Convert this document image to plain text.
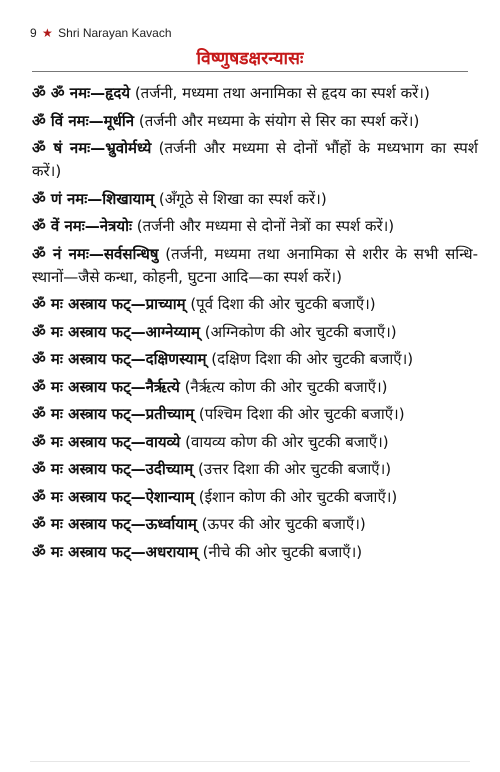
9 ★ Shri Narayan Kavach
विष्णुषडक्षरन्यासः
ॐ ॐ नमः—हृदये (तर्जनी, मध्यमा तथा अनामिका से हृदय का स्पर्श करें।)
ॐ विं नमः—मूर्धनि (तर्जनी और मध्यमा के संयोग से सिर का स्पर्श करें।)
ॐ षं नमः—भ्रुवोर्मध्ये (तर्जनी और मध्यमा से दोनों भौंहों के मध्यभाग का स्पर्श करें।)
ॐ णं नमः—शिखायाम् (अँगूठे से शिखा का स्पर्श करें।)
ॐ वें नमः—नेत्रयोः (तर्जनी और मध्यमा से दोनों नेत्रों का स्पर्श करें।)
ॐ नं नमः—सर्वसन्धिषु (तर्जनी, मध्यमा तथा अनामिका से शरीर के सभी सन्धि-स्थानों—जैसे कन्धा, कोहनी, घुटना आदि—का स्पर्श करें।)
ॐ मः अस्त्राय फट्—प्राच्याम् (पूर्व दिशा की ओर चुटकी बजाएँ।)
ॐ मः अस्त्राय फट्—आग्नेय्याम् (अग्निकोण की ओर चुटकी बजाएँ।)
ॐ मः अस्त्राय फट्—दक्षिणस्याम् (दक्षिण दिशा की ओर चुटकी बजाएँ।)
ॐ मः अस्त्राय फट्—नैर्ऋत्ये (नैर्ऋत्य कोण की ओर चुटकी बजाएँ।)
ॐ मः अस्त्राय फट्—प्रतीच्याम् (पश्चिम दिशा की ओर चुटकी बजाएँ।)
ॐ मः अस्त्राय फट्—वायव्ये (वायव्य कोण की ओर चुटकी बजाएँ।)
ॐ मः अस्त्राय फट्—उदीच्याम् (उत्तर दिशा की ओर चुटकी बजाएँ।)
ॐ मः अस्त्राय फट्—ऐशान्याम् (ईशान कोण की ओर चुटकी बजाएँ।)
ॐ मः अस्त्राय फट्—ऊर्ध्वायाम् (ऊपर की ओर चुटकी बजाएँ।)
ॐ मः अस्त्राय फट्—अधरायाम् (नीचे की ओर चुटकी बजाएँ।)
